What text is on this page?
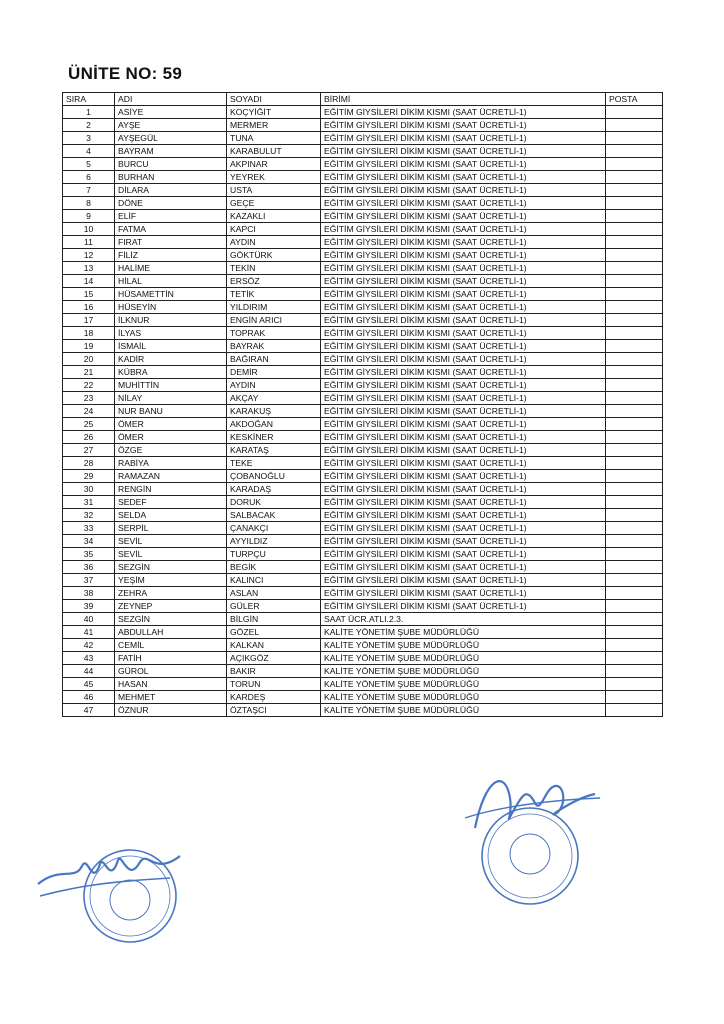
ÜNİTE NO: 59
SIRA	ADI	SOYADI	BİRİMİ	POSTA
1	ASİYE	KOÇYİĞİT	EĞİTİM GİYSİLERİ DİKİM KISMI (SAAT ÜCRETLİ-1)	
2	AYŞE	MERMER	EĞİTİM GİYSİLERİ DİKİM KISMI (SAAT ÜCRETLİ-1)	
3	AYŞEGÜL	TUNA	EĞİTİM GİYSİLERİ DİKİM KISMI (SAAT ÜCRETLİ-1)	
4	BAYRAM	KARABULUT	EĞİTİM GİYSİLERİ DİKİM KISMI (SAAT ÜCRETLİ-1)	
5	BURCU	AKPINAR	EĞİTİM GİYSİLERİ DİKİM KISMI (SAAT ÜCRETLİ-1)	
6	BURHAN	YEYREK	EĞİTİM GİYSİLERİ DİKİM KISMI (SAAT ÜCRETLİ-1)	
7	DİLARA	USTA	EĞİTİM GİYSİLERİ DİKİM KISMI (SAAT ÜCRETLİ-1)	
8	DÖNE	GEÇE	EĞİTİM GİYSİLERİ DİKİM KISMI (SAAT ÜCRETLİ-1)	
9	ELİF	KAZAKLI	EĞİTİM GİYSİLERİ DİKİM KISMI (SAAT ÜCRETLİ-1)	
10	FATMA	KAPCI	EĞİTİM GİYSİLERİ DİKİM KISMI (SAAT ÜCRETLİ-1)	
11	FIRAT	AYDIN	EĞİTİM GİYSİLERİ DİKİM KISMI (SAAT ÜCRETLİ-1)	
12	FİLİZ	GÖKTÜRK	EĞİTİM GİYSİLERİ DİKİM KISMI (SAAT ÜCRETLİ-1)	
13	HALİME	TEKİN	EĞİTİM GİYSİLERİ DİKİM KISMI (SAAT ÜCRETLİ-1)	
14	HİLAL	ERSÖZ	EĞİTİM GİYSİLERİ DİKİM KISMI (SAAT ÜCRETLİ-1)	
15	HÜSAMETTİN	TETİK	EĞİTİM GİYSİLERİ DİKİM KISMI (SAAT ÜCRETLİ-1)	
16	HÜSEYİN	YILDIRIM	EĞİTİM GİYSİLERİ DİKİM KISMI (SAAT ÜCRETLİ-1)	
17	İLKNUR	ENGİN ARICI	EĞİTİM GİYSİLERİ DİKİM KISMI (SAAT ÜCRETLİ-1)	
18	İLYAS	TOPRAK	EĞİTİM GİYSİLERİ DİKİM KISMI (SAAT ÜCRETLİ-1)	
19	İSMAİL	BAYRAK	EĞİTİM GİYSİLERİ DİKİM KISMI (SAAT ÜCRETLİ-1)	
20	KADİR	BAĞIRAN	EĞİTİM GİYSİLERİ DİKİM KISMI (SAAT ÜCRETLİ-1)	
21	KÜBRA	DEMİR	EĞİTİM GİYSİLERİ DİKİM KISMI (SAAT ÜCRETLİ-1)	
22	MUHİTTİN	AYDIN	EĞİTİM GİYSİLERİ DİKİM KISMI (SAAT ÜCRETLİ-1)	
23	NİLAY	AKÇAY	EĞİTİM GİYSİLERİ DİKİM KISMI (SAAT ÜCRETLİ-1)	
24	NUR BANU	KARAKUŞ	EĞİTİM GİYSİLERİ DİKİM KISMI (SAAT ÜCRETLİ-1)	
25	ÖMER	AKDOĞAN	EĞİTİM GİYSİLERİ DİKİM KISMI (SAAT ÜCRETLİ-1)	
26	ÖMER	KESKİNER	EĞİTİM GİYSİLERİ DİKİM KISMI (SAAT ÜCRETLİ-1)	
27	ÖZGE	KARATAŞ	EĞİTİM GİYSİLERİ DİKİM KISMI (SAAT ÜCRETLİ-1)	
28	RABİYA	TEKE	EĞİTİM GİYSİLERİ DİKİM KISMI (SAAT ÜCRETLİ-1)	
29	RAMAZAN	ÇOBANOĞLU	EĞİTİM GİYSİLERİ DİKİM KISMI (SAAT ÜCRETLİ-1)	
30	RENGİN	KARADAŞ	EĞİTİM GİYSİLERİ DİKİM KISMI (SAAT ÜCRETLİ-1)	
31	SEDEF	DORUK	EĞİTİM GİYSİLERİ DİKİM KISMI (SAAT ÜCRETLİ-1)	
32	SELDA	SALBACAK	EĞİTİM GİYSİLERİ DİKİM KISMI (SAAT ÜCRETLİ-1)	
33	SERPİL	ÇANAKÇI	EĞİTİM GİYSİLERİ DİKİM KISMI (SAAT ÜCRETLİ-1)	
34	SEVİL	AYYILDIZ	EĞİTİM GİYSİLERİ DİKİM KISMI (SAAT ÜCRETLİ-1)	
35	SEVİL	TURPÇU	EĞİTİM GİYSİLERİ DİKİM KISMI (SAAT ÜCRETLİ-1)	
36	SEZGİN	BEGİK	EĞİTİM GİYSİLERİ DİKİM KISMI (SAAT ÜCRETLİ-1)	
37	YEŞİM	KALINCI	EĞİTİM GİYSİLERİ DİKİM KISMI (SAAT ÜCRETLİ-1)	
38	ZEHRA	ASLAN	EĞİTİM GİYSİLERİ DİKİM KISMI (SAAT ÜCRETLİ-1)	
39	ZEYNEP	GÜLER	EĞİTİM GİYSİLERİ DİKİM KISMI (SAAT ÜCRETLİ-1)	
40	SEZGİN	BİLGİN	SAAT ÜCR.ATLI.2.3.	
41	ABDULLAH	GÖZEL	KALİTE YÖNETİM ŞUBE MÜDÜRLÜĞÜ	
42	CEMİL	KALKAN	KALİTE YÖNETİM ŞUBE MÜDÜRLÜĞÜ	
43	FATİH	AÇIKGÖZ	KALİTE YÖNETİM ŞUBE MÜDÜRLÜĞÜ	
44	GÜROL	BAKIR	KALİTE YÖNETİM ŞUBE MÜDÜRLÜĞÜ	
45	HASAN	TORUN	KALİTE YÖNETİM ŞUBE MÜDÜRLÜĞÜ	
46	MEHMET	KARDEŞ	KALİTE YÖNETİM ŞUBE MÜDÜRLÜĞÜ	
47	ÖZNUR	ÖZTAŞCI	KALİTE YÖNETİM ŞUBE MÜDÜRLÜĞÜ	
